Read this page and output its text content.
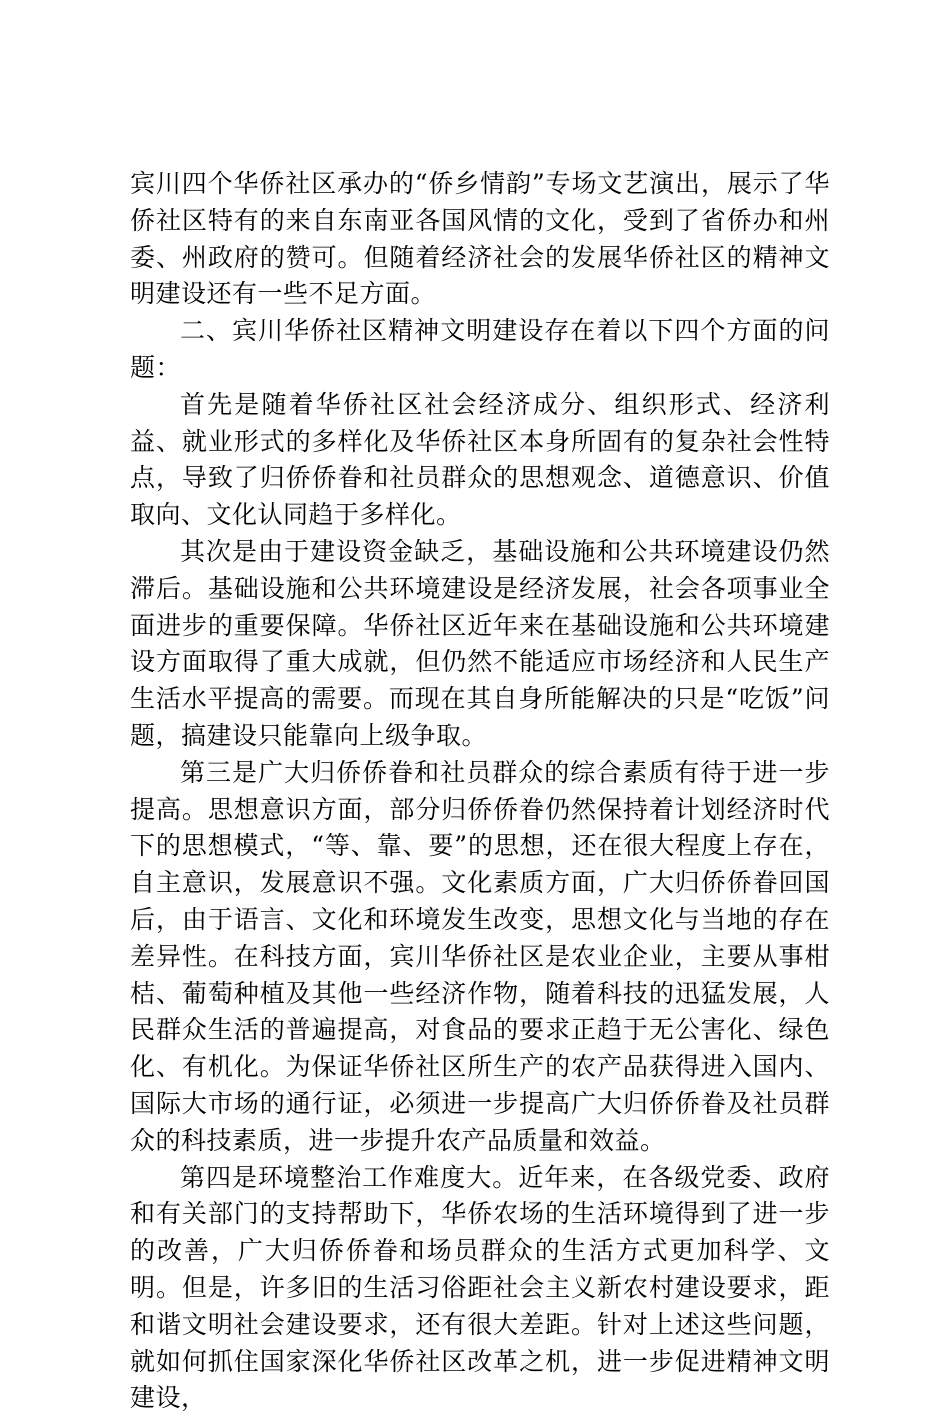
宾川四个华侨社区承办的“侨乡情韵”专场文艺演出，展示了华侨社区特有的来自东南亚各国风情的文化，受到了省侨办和州委、州政府的赞可。但随着经济社会的发展华侨社区的精神文明建设还有一些不足方面。

二、宾川华侨社区精神文明建设存在着以下四个方面的问题：

首先是随着华侨社区社会经济成分、组织形式、经济利益、就业形式的多样化及华侨社区本身所固有的复杂社会性特点，导致了归侨侨眷和社员群众的思想观念、道德意识、价值取向、文化认同趋于多样化。

其次是由于建设资金缺乏，基础设施和公共环境建设仍然滞后。基础设施和公共环境建设是经济发展，社会各项事业全面进步的重要保障。华侨社区近年来在基础设施和公共环境建设方面取得了重大成就，但仍然不能适应市场经济和人民生产生活水平提高的需要。而现在其自身所能解决的只是“吃饭”问题，搞建设只能靠向上级争取。

第三是广大归侨侨眷和社员群众的综合素质有待于进一步提高。思想意识方面，部分归侨侨眷仍然保持着计划经济时代下的思想模式，“等、靠、要”的思想，还在很大程度上存在，自主意识，发展意识不强。文化素质方面，广大归侨侨眷回国后，由于语言、文化和环境发生改变，思想文化与当地的存在差异性。在科技方面，宾川华侨社区是农业企业，主要从事柑桔、葡萄种植及其他一些经济作物，随着科技的迅猛发展，人民群众生活的普遍提高，对食品的要求正趋于无公害化、绿色化、有机化。为保证华侨社区所生产的农产品获得进入国内、国际大市场的通行证，必须进一步提高广大归侨侨眷及社员群众的科技素质，进一步提升农产品质量和效益。

第四是环境整治工作难度大。近年来，在各级党委、政府和有关部门的支持帮助下，华侨农场的生活环境得到了进一步的改善，广大归侨侨眷和场员群众的生活方式更加科学、文明。但是，许多旧的生活习俗距社会主义新农村建设要求，距和谐文明社会建设要求，还有很大差距。针对上述这些问题，就如何抓住国家深化华侨社区改革之机，进一步促进精神文明建设，
